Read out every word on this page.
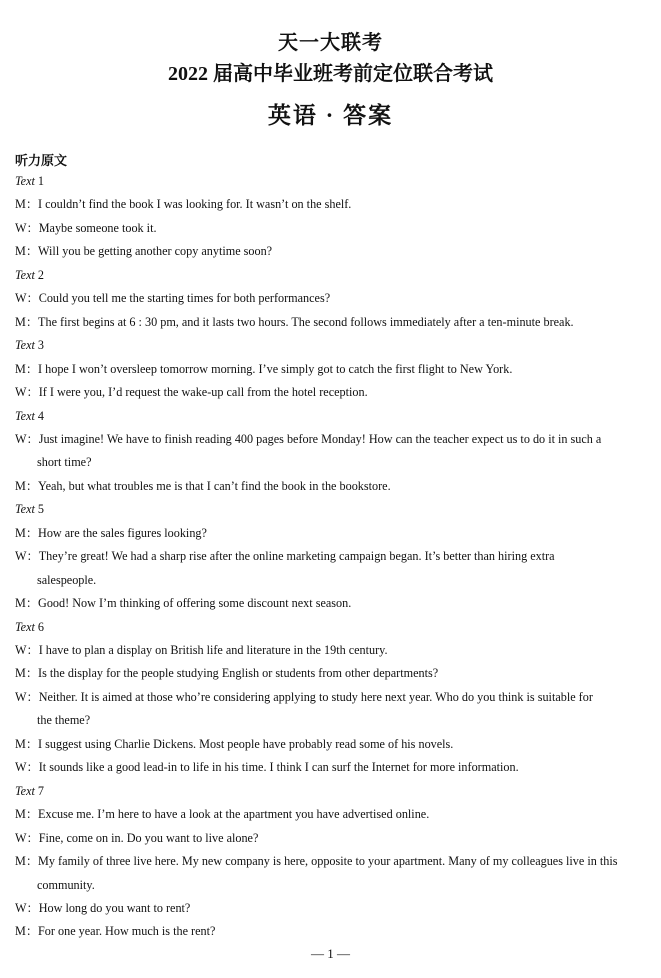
天一大联考
2022 届高中毕业班考前定位联合考试
英语 · 答案
听力原文
Text 1
M：I couldn’t find the book I was looking for. It wasn’t on the shelf.
W：Maybe someone took it.
M：Will you be getting another copy anytime soon?
Text 2
W：Could you tell me the starting times for both performances?
M：The first begins at 6 : 30 pm, and it lasts two hours. The second follows immediately after a ten-minute break.
Text 3
M：I hope I won’t oversleep tomorrow morning. I’ve simply got to catch the first flight to New York.
W：If I were you, I’d request the wake-up call from the hotel reception.
Text 4
W：Just imagine! We have to finish reading 400 pages before Monday! How can the teacher expect us to do it in such a
short time?
M：Yeah, but what troubles me is that I can’t find the book in the bookstore.
Text 5
M：How are the sales figures looking?
W：They’re great! We had a sharp rise after the online marketing campaign began. It’s better than hiring extra
salespeople.
M：Good! Now I’m thinking of offering some discount next season.
Text 6
W：I have to plan a display on British life and literature in the 19th century.
M：Is the display for the people studying English or students from other departments?
W：Neither. It is aimed at those who’re considering applying to study here next year. Who do you think is suitable for
the theme?
M：I suggest using Charlie Dickens. Most people have probably read some of his novels.
W：It sounds like a good lead-in to life in his time. I think I can surf the Internet for more information.
Text 7
M：Excuse me. I’m here to have a look at the apartment you have advertised online.
W：Fine, come on in. Do you want to live alone?
M：My family of three live here. My new company is here, opposite to your apartment. Many of my colleagues live in this
community.
W：How long do you want to rent?
M：For one year. How much is the rent?
— 1 —
